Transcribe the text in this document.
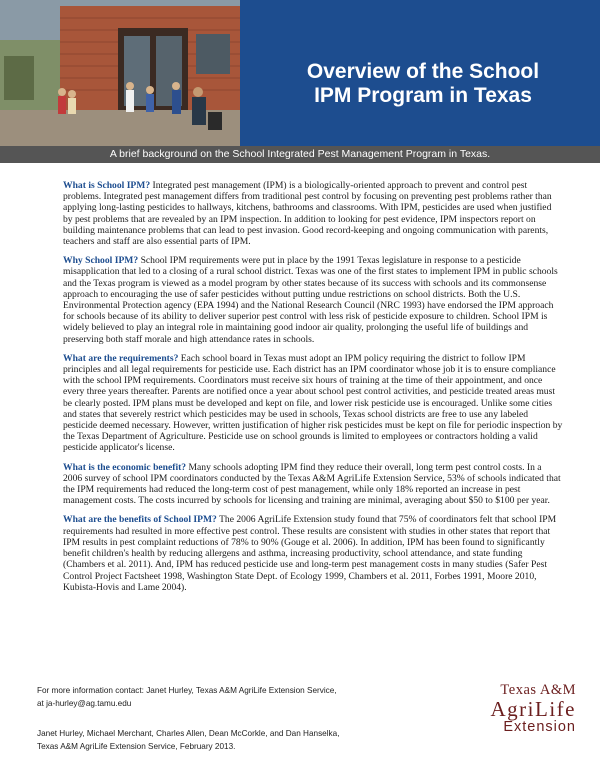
Overview of the School
IPM Program in Texas
A brief background on the School Integrated Pest Management Program in Texas.

What is School IPM? Integrated pest management (IPM) is a biologically-oriented approach to prevent and control pest problems. Integrated pest management differs from traditional pest control by focusing on preventing pest problems rather than applying long-lasting pesticides to hallways, kitchens, bathrooms and classrooms. With IPM, pesticides are used when justified by pest problems that are revealed by an IPM inspection. In addition to looking for pest evidence, IPM inspectors report on building maintenance problems that can lead to pest invasion. Good record-keeping and ongoing communication with parents, teachers and staff are also essential parts of IPM.

Why School IPM? School IPM requirements were put in place by the 1991 Texas legislature in response to a pesticide misapplication that led to a closing of a rural school district. Texas was one of the first states to implement IPM in public schools and the Texas program is viewed as a model program by other states because of its success with schools and its commonsense approach to encouraging the use of safer pesticides without putting undue restrictions on school districts. Both the U.S. Environmental Protection agency (EPA 1994) and the National Research Council (NRC 1993) have endorsed the IPM approach for schools because of its ability to deliver superior pest control with less risk of pesticide exposure to children. School IPM is widely believed to play an integral role in maintaining good indoor air quality, prolonging the useful life of buildings and preserving both staff morale and high attendance rates in schools.

What are the requirements? Each school board in Texas must adopt an IPM policy requiring the district to follow IPM principles and all legal requirements for pesticide use. Each district has an IPM coordinator whose job it is to ensure compliance with the school IPM requirements. Coordinators must receive six hours of training at the time of their appointment, and once every three years thereafter. Parents are notified once a year about school pest control activities, and pesticide treated areas must be clearly posted. IPM plans must be developed and kept on file, and lower risk pesticide use is encouraged. Unlike some cities and states that severely restrict which pesticides may be used in schools, Texas school districts are free to use any labeled pesticide deemed necessary. However, written justification of higher risk pesticides must be kept on file for periodic inspection by the Texas Department of Agriculture. Pesticide use on school grounds is limited to employees or contractors holding a valid pesticide applicator's license.

What is the economic benefit? Many schools adopting IPM find they reduce their overall, long term pest control costs. In a 2006 survey of school IPM coordinators conducted by the Texas A&M AgriLife Extension Service, 53% of schools indicated that the IPM requirements had reduced the long-term cost of pest management, while only 18% reported an increase in pest management costs. The costs incurred by schools for licensing and training are minimal, averaging about $50 to $100 per year.

What are the benefits of School IPM? The 2006 AgriLife Extension study found that 75% of coordinators felt that school IPM requirements had resulted in more effective pest control. These results are consistent with studies in other states that report that IPM results in pest complaint reductions of 78% to 90% (Gouge et al. 2006). In addition, IPM has been found to significantly benefit children's health by reducing allergens and asthma, increasing productivity, school attendance, and state funding (Chambers et al. 2011). And, IPM has reduced pesticide use and long-term pest management costs in many studies (Safer Pest Control Project Factsheet 1998, Washington State Dept. of Ecology 1999, Chambers et al. 2011, Forbes 1991, Moore 2010, Kubista-Hovis and Lame 2004).

For more information contact: Janet Hurley, Texas A&M AgriLife Extension Service,
at ja-hurley@ag.tamu.edu
Janet Hurley, Michael Merchant, Charles Allen, Dean McCorkle, and Dan Hanselka,
Texas A&M AgriLife Extension Service, February 2013.
Texas A&M
AgriLife
Extension
